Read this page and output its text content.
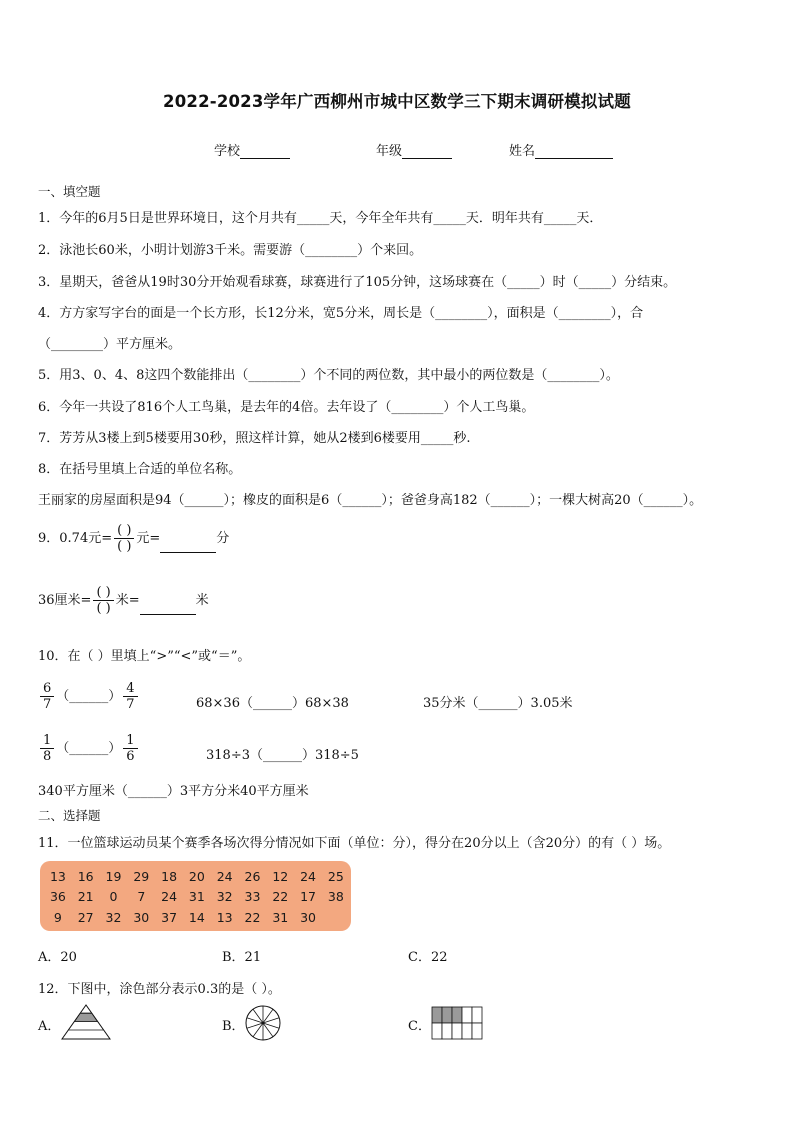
2022-2023学年广西柳州市城中区数学三下期末调研模拟试题
学校	年级	姓名
一、填空题
1．今年的6月5日是世界环境日，这个月共有_____天，今年全年共有_____天．明年共有_____天．
2．泳池长60米，小明计划游3千米。需要游（________）个来回。
3．星期天，爸爸从19时30分开始观看球赛，球赛进行了105分钟，这场球赛在（_____）时（_____）分结束。
4．方方家写字台的面是一个长方形，长12分米，宽5分米，周长是（________），面积是（________），合
（________）平方厘米。
5．用3、0、4、8这四个数能排出（________）个不同的两位数，其中最小的两位数是（________）。
6．今年一共设了816个人工鸟巢，是去年的4倍。去年设了（________）个人工鸟巢。
7．芳芳从3楼上到5楼要用30秒，照这样计算，她从2楼到6楼要用_____秒.
8．在括号里填上合适的单位名称。
王丽家的房屋面积是94（______）；橡皮的面积是6（______）；爸爸身高182（______）；一棵大树高20（______）。
9．0.74元= $\frac{( )}{( )}$ 元=	分
36厘米= $\frac{( )}{( )}$ 米=	米
10．在（ ）里填上“>”“<”或“＝”。
$\frac{6}{7}$ （______） $\frac{4}{7}$	68×36（______）68×38	35分米（______）3.05米
$\frac{1}{8}$ （______） $\frac{1}{6}$	318÷3（______）318÷5
340平方厘米（______）3平方分米40平方厘米
二、选择题
11．一位篮球运动员某个赛季各场次得分情况如下面（单位：分），得分在20分以上（含20分）的有（ ）场。
13	16	19	29	18	20	24	26	12	24	25
36	21	0	7	24	31	32	33	22	17	38
9	27	32	30	37	14	13	22	31	30	
A．20	B．21	C．22
12．下图中，涂色部分表示0.3的是（ ）。
A．	B．	C．
